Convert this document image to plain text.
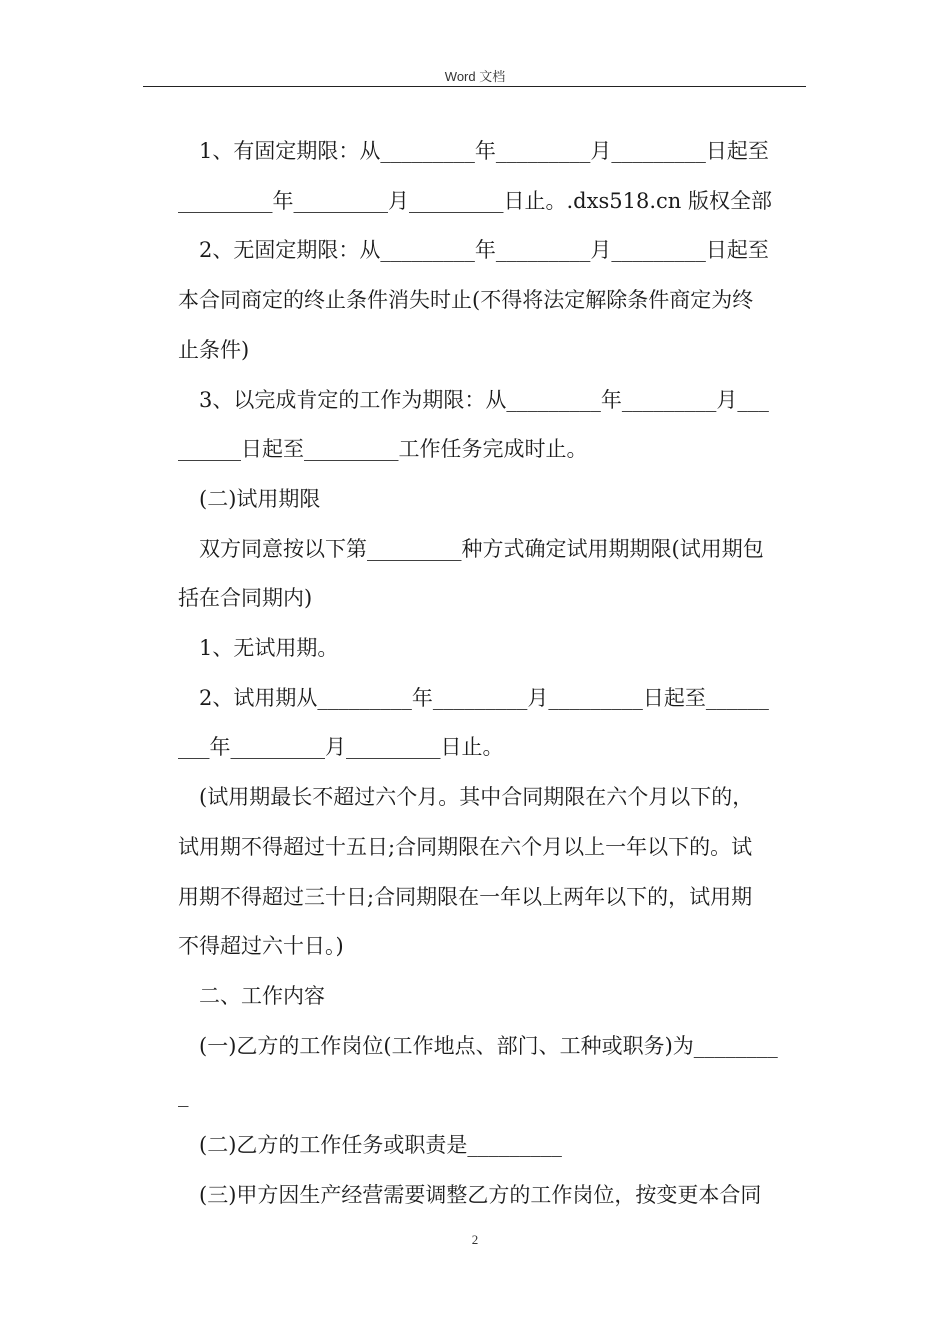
Word 文档

1、有固定期限：从_________年_________月_________日起至

_________年_________月_________日止。.dxs518.cn 版权全部

2、无固定期限：从_________年_________月_________日起至

本合同商定的终止条件消失时止(不得将法定解除条件商定为终

止条件)

3、以完成肯定的工作为期限：从_________年_________月___

______日起至_________工作任务完成时止。

(二)试用期限

双方同意按以下第_________种方式确定试用期期限(试用期包

括在合同期内)

1、无试用期。

2、试用期从_________年_________月_________日起至______

___年_________月_________日止。

(试用期最长不超过六个月。其中合同期限在六个月以下的，

试用期不得超过十五日;合同期限在六个月以上一年以下的。试

用期不得超过三十日;合同期限在一年以上两年以下的，试用期

不得超过六十日。)

二、工作内容

(一)乙方的工作岗位(工作地点、部门、工种或职务)为________

_

(二)乙方的工作任务或职责是_________

(三)甲方因生产经营需要调整乙方的工作岗位，按变更本合同

2
